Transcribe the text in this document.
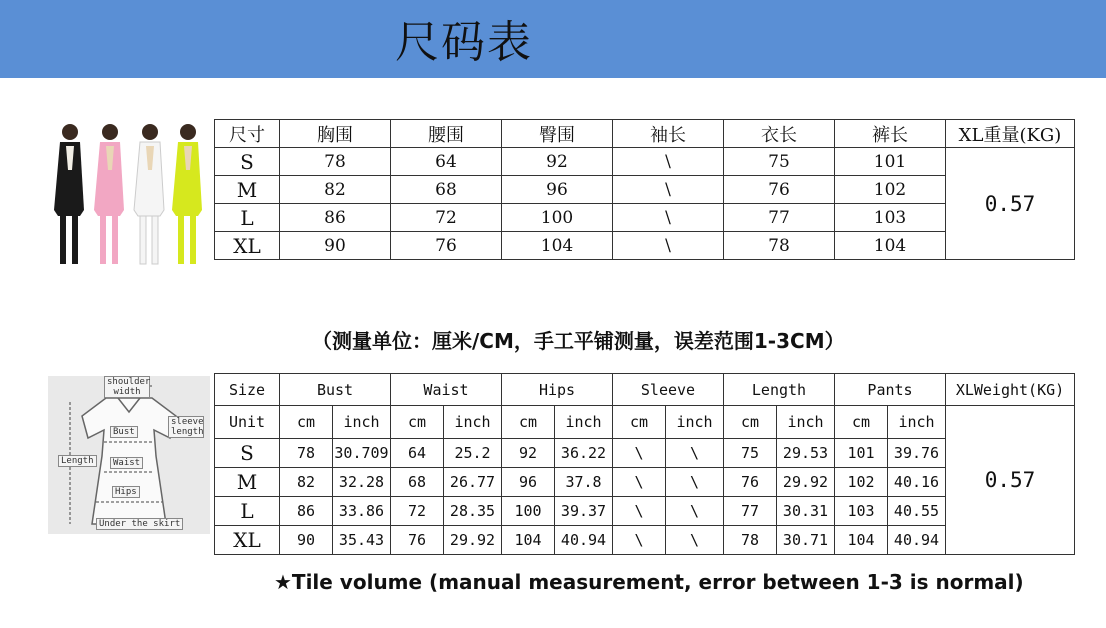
尺码表
尺寸	胸围	腰围	臀围	袖长	衣长	裤长	XL重量(KG)
S	78	64	92	\	75	101	0.57
M	82	68	96	\	76	102	
L	86	72	100	\	77	103	
XL	90	76	104	\	78	104	
（测量单位：厘米/CM，手工平铺测量，误差范围1-3CM）
shoulder width
sleeve length
Bust
Waist
Hips
Length
Under the skirt
Size	Bust		Waist		Hips		Sleeve		Length		Pants		XLWeight(KG)
Unit	cm	inch	cm	inch	cm	inch	cm	inch	cm	inch	cm	inch	0.57
S	78	30.709	64	25.2	92	36.22	\	\	75	29.53	101	39.76	
M	82	32.28	68	26.77	96	37.8	\	\	76	29.92	102	40.16	
L	86	33.86	72	28.35	100	39.37	\	\	77	30.31	103	40.55	
XL	90	35.43	76	29.92	104	40.94	\	\	78	30.71	104	40.94	
★Tile volume (manual measurement, error between 1-3 is normal)
